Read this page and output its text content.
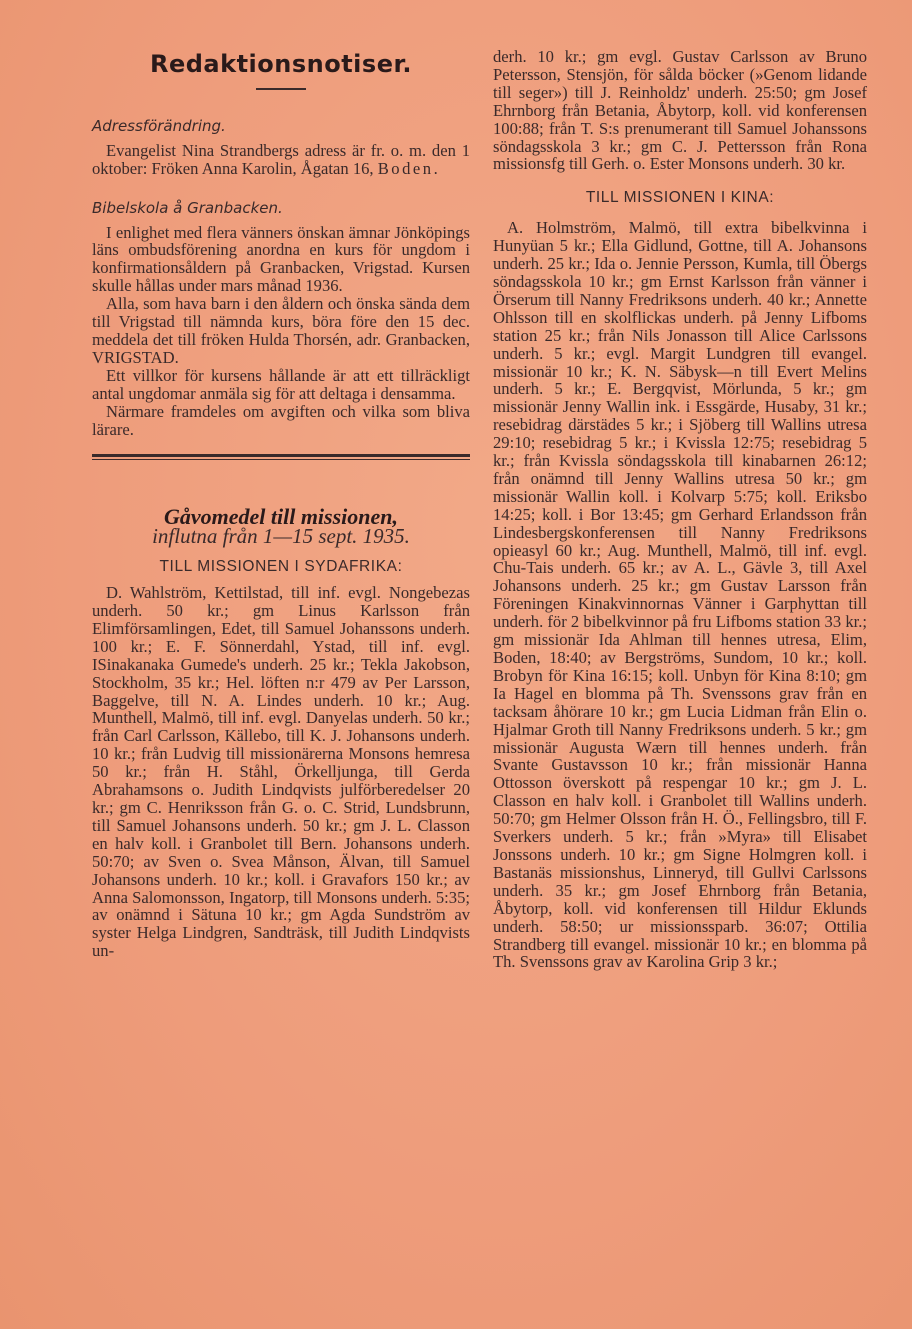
Redaktionsnotiser.
Adressförändring.
Evangelist Nina Strandbergs adress är fr. o. m. den 1 oktober: Fröken Anna Karolin, Ågatan 16, Boden.
Bibelskola å Granbacken.

I enlighet med flera vänners önskan ämnar Jönköpings läns ombudsförening anordna en kurs för ungdom i konfirmationsåldern på Granbacken, Vrigstad. Kursen skulle hållas under mars månad 1936.

Alla, som hava barn i den åldern och önska sända dem till Vrigstad till nämnda kurs, böra före den 15 dec. meddela det till fröken Hulda Thorsén, adr. Granbacken, VRIGSTAD.

Ett villkor för kursens hållande är att ett tillräckligt antal ungdomar anmäla sig för att deltaga i densamma.

Närmare framdeles om avgiften och vilka som bliva lärare.

Gåvomedel till missionen,
influtna från 1—15 sept. 1935.
TILL MISSIONEN I SYDAFRIKA:

D. Wahlström, Kettilstad, till inf. evgl. Nongebezas underh. 50 kr.; gm Linus Karlsson från Elimförsamlingen, Edet, till Samuel Johanssons underh. 100 kr.; E. F. Sönnerdahl, Ystad, till inf. evgl. ISinakanaka Gumede's underh. 25 kr.; Tekla Jakobson, Stockholm, 35 kr.; Hel. löften n:r 479 av Per Larsson, Baggelve, till N. A. Lindes underh. 10 kr.; Aug. Munthell, Malmö, till inf. evgl. Danyelas underh. 50 kr.; från Carl Carlsson, Källebo, till K. J. Johansons underh. 10 kr.; från Ludvig till missionärerna Monsons hemresa 50 kr.; från H. Ståhl, Örkelljunga, till Gerda Abrahamsons o. Judith Lindqvists julförberedelser 20 kr.; gm C. Henriksson från G. o. C. Strid, Lundsbrunn, till Samuel Johansons underh. 50 kr.; gm J. L. Classon en halv koll. i Granbolet till Bern. Johansons underh. 50:70; av Sven o. Svea Månson, Älvan, till Samuel Johansons underh. 10 kr.; koll. i Gravafors 150 kr.; av Anna Salomonsson, Ingatorp, till Monsons underh. 5:35; av onämnd i Sätuna 10 kr.; gm Agda Sundström av syster Helga Lindgren, Sandträsk, till Judith Lindqvists un-

derh. 10 kr.; gm evgl. Gustav Carlsson av Bruno Petersson, Stensjön, för sålda böcker (»Genom lidande till seger») till J. Reinholdz' underh. 25:50; gm Josef Ehrnborg från Betania, Åbytorp, koll. vid konferensen 100:88; från T. S:s prenumerant till Samuel Johanssons söndagsskola 3 kr.; gm C. J. Pettersson från Rona missionsfg till Gerh. o. Ester Monsons underh. 30 kr.

TILL MISSIONEN I KINA:

A. Holmström, Malmö, till extra bibelkvinna i Hunyüan 5 kr.; Ella Gidlund, Gottne, till A. Johansons underh. 25 kr.; Ida o. Jennie Persson, Kumla, till Öbergs söndagsskola 10 kr.; gm Ernst Karlsson från vänner i Örserum till Nanny Fredriksons underh. 40 kr.; Annette Ohlsson till en skolflickas underh. på Jenny Lifboms station 25 kr.; från Nils Jonasson till Alice Carlssons underh. 5 kr.; evgl. Margit Lundgren till evangel. missionär 10 kr.; K. N. Säbysk—n till Evert Melins underh. 5 kr.; E. Bergqvist, Mörlunda, 5 kr.; gm missionär Jenny Wallin ink. i Essgärde, Husaby, 31 kr.; resebidrag därstädes 5 kr.; i Sjöberg till Wallins utresa 29:10; resebidrag 5 kr.; i Kvissla 12:75; resebidrag 5 kr.; från Kvissla söndagsskola till kinabarnen 26:12; från onämnd till Jenny Wallins utresa 50 kr.; gm missionär Wallin koll. i Kolvarp 5:75; koll. Eriksbo 14:25; koll. i Bor 13:45; gm Gerhard Erlandsson från Lindesbergskonferensen till Nanny Fredriksons opieasyl 60 kr.; Aug. Munthell, Malmö, till inf. evgl. Chu-Tais underh. 65 kr.; av A. L., Gävle 3, till Axel Johansons underh. 25 kr.; gm Gustav Larsson från Föreningen Kinakvinnornas Vänner i Garphyttan till underh. för 2 bibelkvinnor på fru Lifboms station 33 kr.; gm missionär Ida Ahlman till hennes utresa, Elim, Boden, 18:40; av Bergströms, Sundom, 10 kr.; koll. Brobyn för Kina 16:15; koll. Unbyn för Kina 8:10; gm Ia Hagel en blomma på Th. Svenssons grav från en tacksam åhörare 10 kr.; gm Lucia Lidman från Elin o. Hjalmar Groth till Nanny Fredriksons underh. 5 kr.; gm missionär Augusta Wærn till hennes underh. från Svante Gustavsson 10 kr.; från missionär Hanna Ottosson överskott på respengar 10 kr.; gm J. L. Classon en halv koll. i Granbolet till Wallins underh. 50:70; gm Helmer Olsson från H. Ö., Fellingsbro, till F. Sverkers underh. 5 kr.; från »Myra» till Elisabet Jonssons underh. 10 kr.; gm Signe Holmgren koll. i Bastanäs missionshus, Linneryd, till Gullvi Carlssons underh. 35 kr.; gm Josef Ehrnborg från Betania, Åbytorp, koll. vid konferensen till Hildur Eklunds underh. 58:50; ur missionssparb. 36:07; Ottilia Strandberg till evangel. missionär 10 kr.; en blomma på Th. Svenssons grav av Karolina Grip 3 kr.;
